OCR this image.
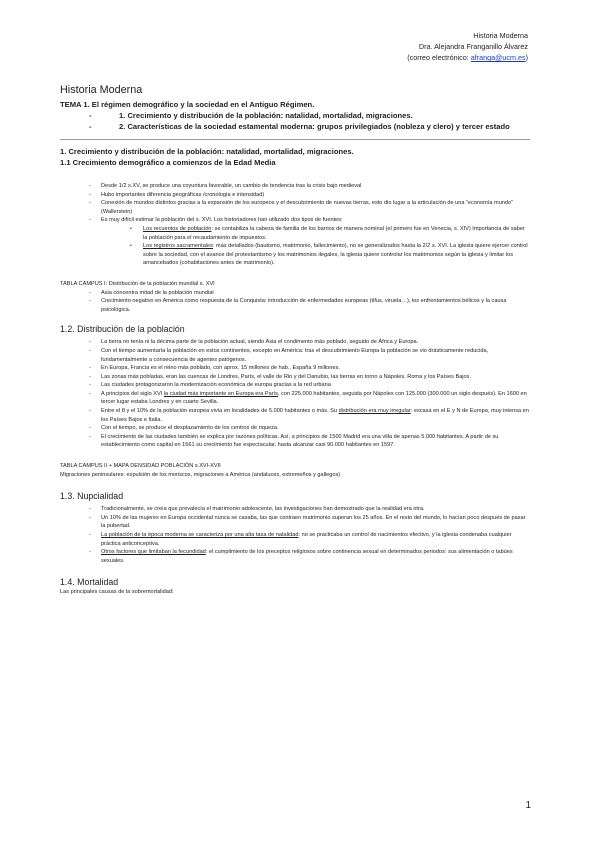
Historia Moderna
Dra. Alejandra Franganillo Álvarez
(correo electrónico: afranga@ucm.es)
Historia Moderna

TEMA 1. El régimen demográfico y la sociedad en el Antiguo Régimen.

-	1. Crecimiento y distribución de la población: natalidad, mortalidad, migraciones.
-	2. Características de la sociedad estamental moderna: grupos privilegiados (nobleza y clero) y tercer estado

1. Crecimiento y distribución de la población: natalidad, mortalidad, migraciones.

1.1 Crecimiento demográfico a comienzos de la Edad Media

- Desde 1/2 s.XV, se produce una coyuntura favorable, un cambio de tendencia tras la crisis bajo medieval
- Hubo importantes diferencia geográficas /cronología e intensidad)
- Conexión de mundos distintos gracias a la expansión de los europeos y el descubrimiento de nuevas tierras, esto dio lugar a la articulación de una “economía mundo” (Wallerstein)
- Es muy difícil estimar la población del s. XVI. Los historiadores han utilizado dos tipos de fuentes:
• Los recuentos de población: se contabiliza la cabeza de familia de los barrios de manera nominal (el primero fue en Venecia, s. XIV) Importancia de saber la población para el recaudamiento de impuestos.
• Los registros sacramentales: más detallados (bautismo, matrimonio, fallecimiento), no se generalizados hasta la 2/2 s. XVI. La iglesia quiere ejercer control sobre la sociedad, con el avance del protestantismo y los matrimonios ilegales, la iglesia quiere controlar los matrimonios según la iglesia y limitar los amancebados (cohabitaciones antes de matrimonio).

TABLA CAMPUS I: Distribución de la población mundial s. XVI

- Asia concentra mitad de la población mundial
- Crecimiento negativo en América como respuesta de la Conquista: introducción de enfermedades europeas (tifus, viruela…), los enfrentamientos bélicos y la causa psicológica.

1.2. Distribución de la población

- La tierra no tenía ni la décima parte de la población actual, siendo Asia el condimento más poblado, seguido de África y Europa.
- Con el tiempo aumentaría la población en estos continentes, excepto en América: tras el descubrimiento Europa la población se vio drásticamente reducida, fundamentalmente a consecuencia de agentes patógenos.
- En Europa, Francia es el reino más poblado, con aprox. 15 millones de hab., España 9 millones.
- Las zonas más pobladas, eran las cuencas de Londres, París, el valle de Rin y del Danubio, las tierras en torno a Nápoles, Roma y los Países Bajos.
- Las ciudades protagonizaron la modernización económica de europa gracias a la red urbana
- A principios del siglo XVI la ciudad más importante en Europa era París, con 225.000 habitantes, seguida por Nápoles con 125.000 (300.000 un siglo después). En 1600 en tercer lugar estaba Londres y en cuarto Sevilla.
- Entre el 8 y el 10% de la población europea vivía en localidades de 5.000 habitantes o más. Su distribución era muy irregular: escasa en el E y N de Europa, muy intensa en los Países Bajos e Italia.
- Con el tiempo, se produce el desplazamiento de los centros de riqueza.
- El crecimiento de las ciudades también se explica por razones políticas. Así, a principios de 1500 Madrid era una villa de apenas 5.000 habitantes. A partir de su establecimiento como capital en 1561 su crecimiento fue espectacular, hasta alcanzar casi 90.000 habitantes en 1597.

TABLA CAMPUS II + MAPA DENSIDAD POBLACIÓN s.XVI-XVII

Migraciones peninsulares: expulsión de los moriscos, migraciones a América (andaluces, extremeños y gallegos)

1.3. Nupcialidad

- Tradicionalmente, se creía que prevalecía el matrimonio adolescente, las investigaciones han demostrado que la realidad era otra.
- Un 10% de las mujeres en Europa occidental nunca se casaba, las que contraen matrimonio superan los 25 años. En el resto del mundo, lo hacían poco después de pasar la pubertad.
- La población de la época moderna se caracteriza por una alta tasa de natalidad: no se practicaba un control de nacimientos efectivo, y la iglesia condenaba cualquier práctica anticonceptiva.
- Otros factores que limitaban la fecundidad: el cumplimiento de los preceptos religiosos sobre continencia sexual en determinados periodos: sus alimentación o tabúes sexuales.

1.4. Mortalidad

Las principales causas de la sobremortalidad:

1
